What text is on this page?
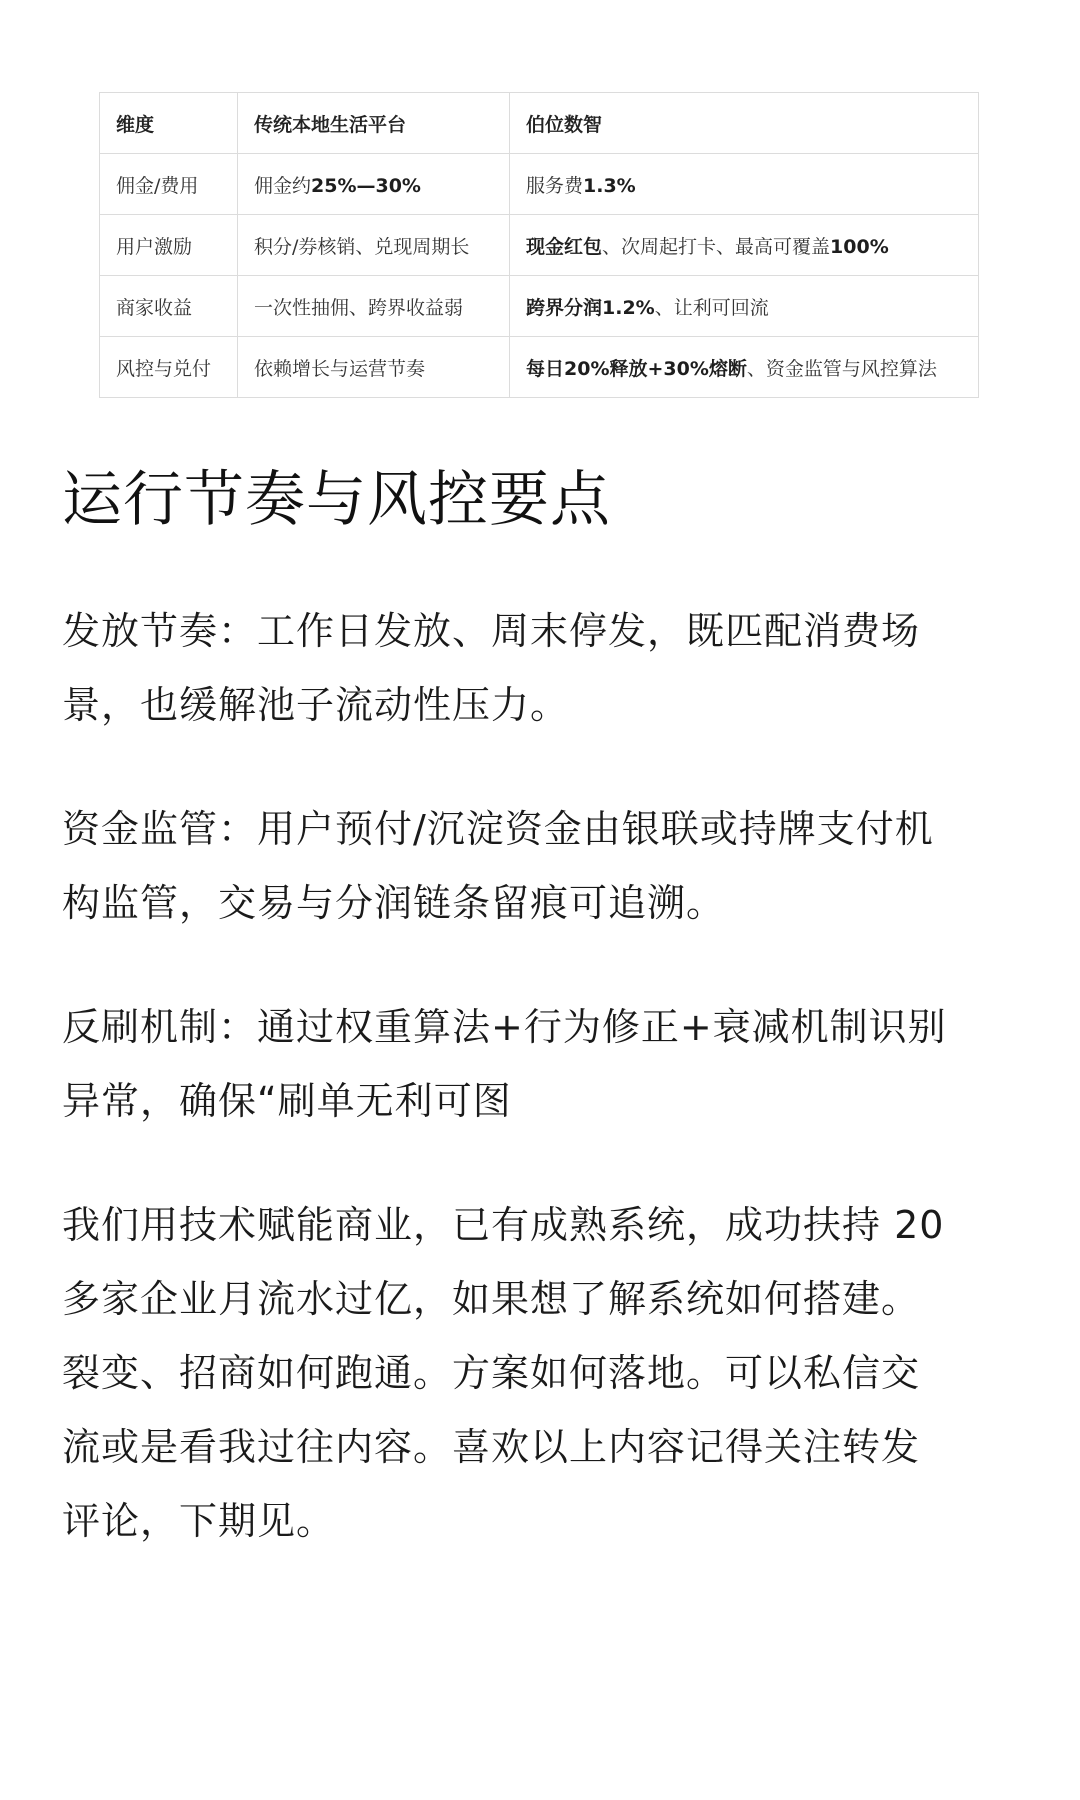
维度	传统本地生活平台	伯位数智
佣金/费用	佣金约25%—30%	服务费1.3%
用户激励	积分/券核销、兑现周期长	现金红包、次周起打卡、最高可覆盖100%
商家收益	一次性抽佣、跨界收益弱	跨界分润1.2%、让利可回流
风控与兑付	依赖增长与运营节奏	每日20%释放+30%熔断、资金监管与风控算法
运行节奏与风控要点

发放节奏：工作日发放、周末停发，既匹配消费场
景，也缓解池子流动性压力。

资金监管：用户预付/沉淀资金由银联或持牌支付机
构监管，交易与分润链条留痕可追溯。

反刷机制：通过权重算法+行为修正+衰减机制识别
异常，确保“刷单无利可图

我们用技术赋能商业，已有成熟系统，成功扶持 20
多家企业月流水过亿，如果想了解系统如何搭建。
裂变、招商如何跑通。方案如何落地。可以私信交
流或是看我过往内容。喜欢以上内容记得关注转发
评论，下期见。
